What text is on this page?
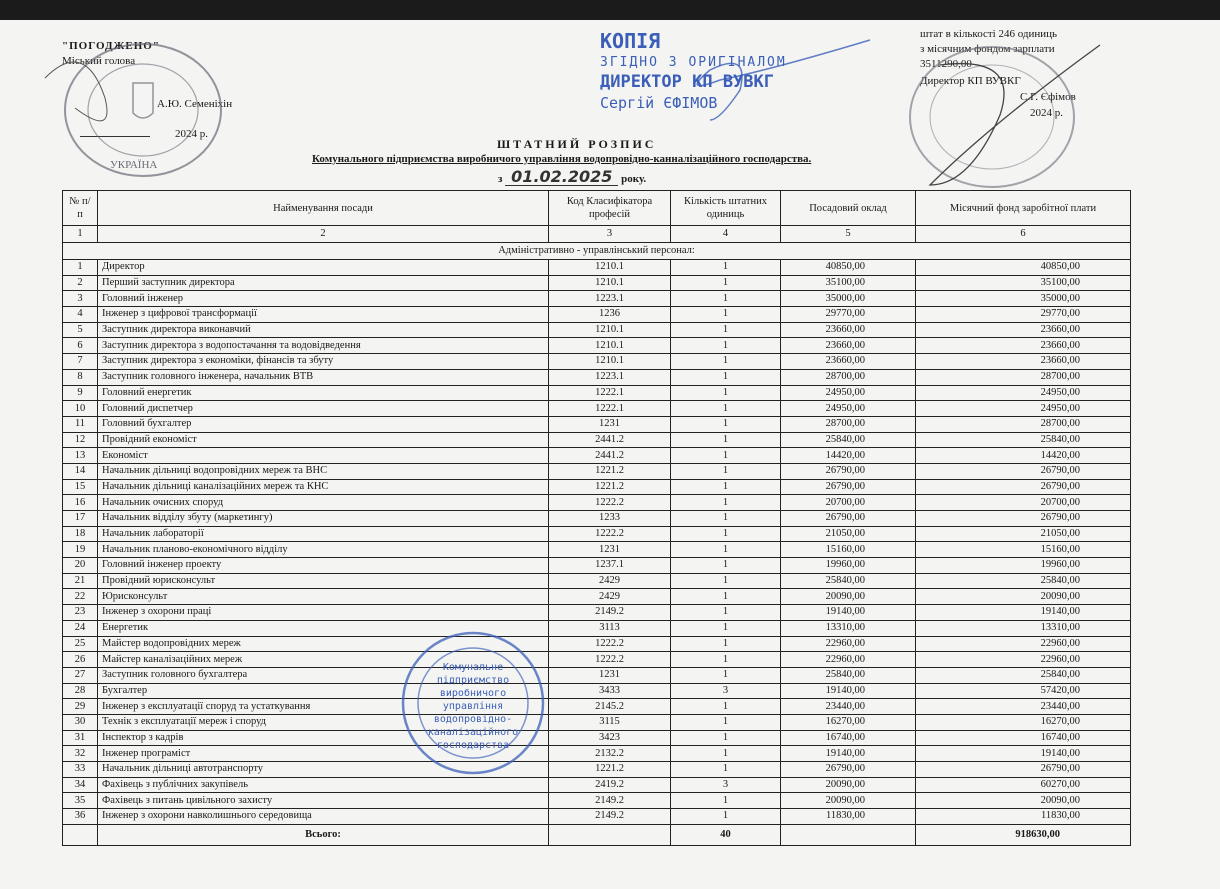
"ПОГОДЖЕНО"
Міський голова
А.Ю. Семеніхін
2024 р.
УКРАЇНА
штат в кількості 246 одиниць
з місячним фондом зарплати
3511290,00
Директор КП ВУВКГ
С.Г. Єфімов
2024 р.
ШТАТНИЙ РОЗПИС
Комунального підприємства виробничого управління водопровідно-канналізаційного господарства.
з 01.02.2025 року.
КОПІЯ
ЗГІДНО З ОРИГІНАЛОМ
ДИРЕКТОР КП ВУВКГ
Сергій ЄФІМОВ
№ п/п	Найменування посади	Код Класифікатора професій	Кількість штатних одиниць	Посадовий оклад	Місячний фонд заробітної плати
1	2	3	4	5	6
Адміністративно - управлінський персонал:					
1	Директор	1210.1	1	40850,00	40850,00
2	Перший заступник директора	1210.1	1	35100,00	35100,00
3	Головний інженер	1223.1	1	35000,00	35000,00
4	Інженер з цифрової трансформації	1236	1	29770,00	29770,00
5	Заступник директора виконавчий	1210.1	1	23660,00	23660,00
6	Заступник директора з водопостачання та водовідведення	1210.1	1	23660,00	23660,00
7	Заступник директора з економіки, фінансів та збуту	1210.1	1	23660,00	23660,00
8	Заступник головного інженера, начальник ВТВ	1223.1	1	28700,00	28700,00
9	Головний енергетик	1222.1	1	24950,00	24950,00
10	Головний диспетчер	1222.1	1	24950,00	24950,00
11	Головний бухгалтер	1231	1	28700,00	28700,00
12	Провідний економіст	2441.2	1	25840,00	25840,00
13	Економіст	2441.2	1	14420,00	14420,00
14	Начальник дільниці водопровідних мереж та ВНС	1221.2	1	26790,00	26790,00
15	Начальник дільниці каналізаційних мереж та КНС	1221.2	1	26790,00	26790,00
16	Начальник очисних споруд	1222.2	1	20700,00	20700,00
17	Начальник відділу збуту (маркетингу)	1233	1	26790,00	26790,00
18	Начальник лабораторії	1222.2	1	21050,00	21050,00
19	Начальник планово-економічного відділу	1231	1	15160,00	15160,00
20	Головний інженер проекту	1237.1	1	19960,00	19960,00
21	Провідний юрисконсульт	2429	1	25840,00	25840,00
22	Юрисконсульт	2429	1	20090,00	20090,00
23	Інженер з охорони праці	2149.2	1	19140,00	19140,00
24	Енергетик	3113	1	13310,00	13310,00
25	Майстер водопровідних мереж	1222.2	1	22960,00	22960,00
26	Майстер каналізаційних мереж	1222.2	1	22960,00	22960,00
27	Заступник головного бухгалтера	1231	1	25840,00	25840,00
28	Бухгалтер	3433	3	19140,00	57420,00
29	Інженер з експлуатації споруд та устаткування	2145.2	1	23440,00	23440,00
30	Технік з експлуатації мереж і споруд	3115	1	16270,00	16270,00
31	Інспектор з кадрів	3423	1	16740,00	16740,00
32	Інженер програміст	2132.2	1	19140,00	19140,00
33	Начальник дільниці автотранспорту	1221.2	1	26790,00	26790,00
34	Фахівець з публічних закупівель	2419.2	3	20090,00	60270,00
35	Фахівець з питань цивільного захисту	2149.2	1	20090,00	20090,00
36	Інженер з охорони навколишнього середовища	2149.2	1	11830,00	11830,00
	Всього:		40		918630,00
Комунальне
підприємство
виробничого
управління
водопровідно-
каналізаційного
господарства
